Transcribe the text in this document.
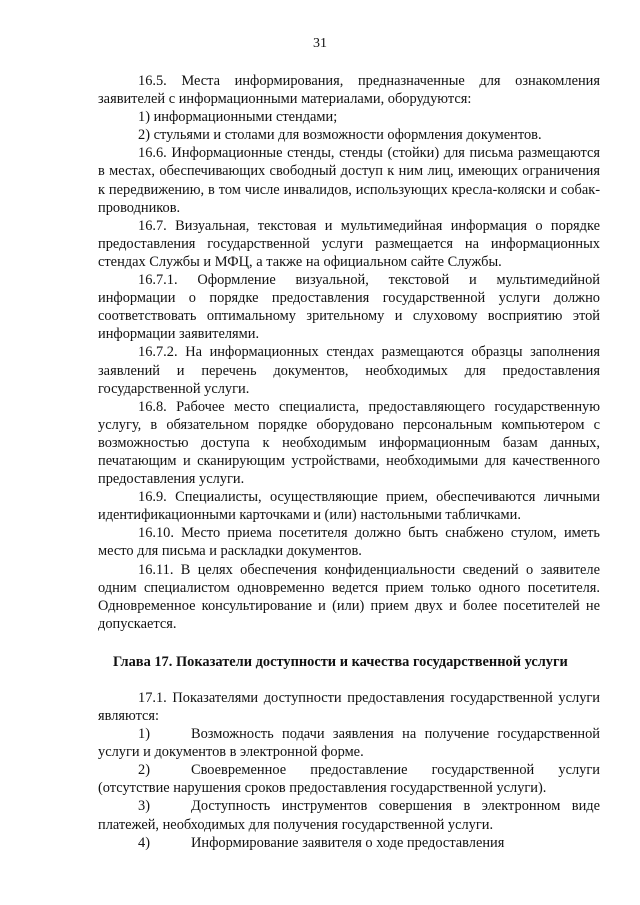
31

16.5. Места информирования, предназначенные для ознакомления заявителей с информационными материалами, оборудуются:

1) информационными стендами;

2) стульями и столами для возможности оформления документов.

16.6. Информационные стенды, стенды (стойки) для письма размещаются в местах, обеспечивающих свободный доступ к ним лиц, имеющих ограничения к передвижению, в том числе инвалидов, использующих кресла-коляски и собак-проводников.

16.7. Визуальная, текстовая и мультимедийная информация о порядке предоставления государственной услуги размещается на информационных стендах Службы и МФЦ, а также на официальном сайте Службы.

16.7.1. Оформление визуальной, текстовой и мультимедийной информации о порядке предоставления государственной услуги должно соответствовать оптимальному зрительному и слуховому восприятию этой информации заявителями.

16.7.2. На информационных стендах размещаются образцы заполнения заявлений и перечень документов, необходимых для предоставления государственной услуги.

16.8. Рабочее место специалиста, предоставляющего государственную услугу, в обязательном порядке оборудовано персональным компьютером с возможностью доступа к необходимым информационным базам данных, печатающим и сканирующим устройствами, необходимыми для качественного предоставления услуги.

16.9. Специалисты, осуществляющие прием, обеспечиваются личными идентификационными карточками и (или) настольными табличками.

16.10. Место приема посетителя должно быть снабжено стулом, иметь место для письма и раскладки документов.

16.11. В целях обеспечения конфиденциальности сведений о заявителе одним специалистом одновременно ведется прием только одного посетителя. Одновременное консультирование и (или) прием двух и более посетителей не допускается.

Глава 17. Показатели доступности и качества государственной услуги

17.1. Показателями доступности предоставления государственной услуги являются:

1)	Возможность подачи заявления на получение государственной услуги и документов в электронной форме.

2)	Своевременное предоставление государственной услуги (отсутствие нарушения сроков предоставления государственной услуги).

3)	Доступность инструментов совершения в электронном виде платежей, необходимых для получения государственной услуги.

4)	Информирование заявителя о ходе предоставления
